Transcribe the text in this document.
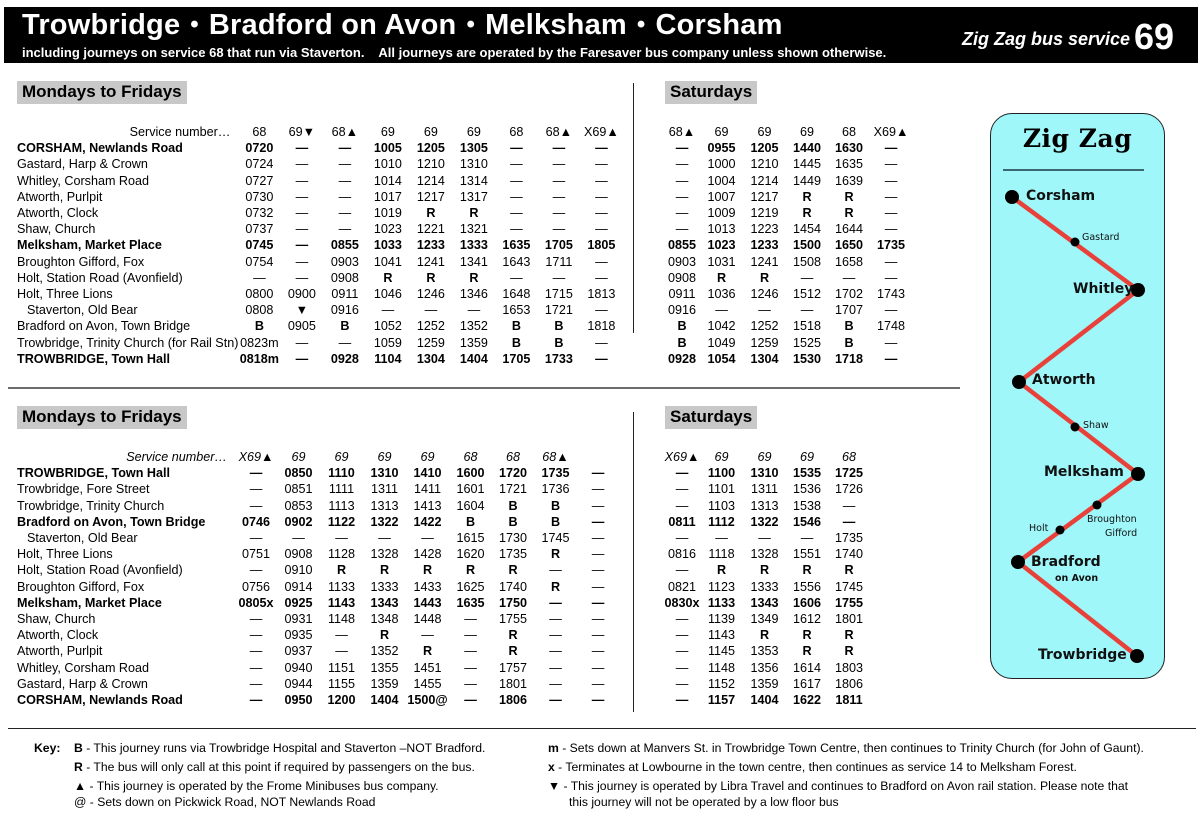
Trowbridge • Bradford on Avon • Melksham • Corsham
including journeys on service 68 that run via Staverton.    All journeys are operated by the Faresaver bus company unless shown otherwise.
Zig Zag bus service 69
Mondays to Fridays	Saturdays
Service number…	68	69▼	68▲	69	69	69	68	68▲	X69▲
CORSHAM, Newlands Road	0720	—	—	1005	1205	1305	—	—	—
Gastard, Harp & Crown	0724	—	—	1010	1210	1310	—	—	—
Whitley, Corsham Road	0727	—	—	1014	1214	1314	—	—	—
Atworth, Purlpit	0730	—	—	1017	1217	1317	—	—	—
Atworth, Clock	0732	—	—	1019	R	R	—	—	—
Shaw, Church	0737	—	—	1023	1221	1321	—	—	—
Melksham, Market Place	0745	—	0855	1033	1233	1333	1635	1705	1805
Broughton Gifford, Fox	0754	—	0903	1041	1241	1341	1643	1711	—
Holt, Station Road (Avonfield)	—	—	0908	R	R	R	—	—	—
Holt, Three Lions	0800	0900	0911	1046	1246	1346	1648	1715	1813
Staverton, Old Bear	0808	▼	0916	—	—	—	1653	1721	—
Bradford on Avon, Town Bridge	B	0905	B	1052	1252	1352	B	B	1818
Trowbridge, Trinity Church (for Rail Stn)	0823m	—	—	1059	1259	1359	B	B	—
TROWBRIDGE, Town Hall	0818m	—	0928	1104	1304	1404	1705	1733	—
68▲	69	69	69	68	X69▲
—	0955	1205	1440	1630	—
—	1000	1210	1445	1635	—
—	1004	1214	1449	1639	—
—	1007	1217	R	R	—
—	1009	1219	R	R	—
—	1013	1223	1454	1644	—
0855	1023	1233	1500	1650	1735
0903	1031	1241	1508	1658	—
0908	R	R	—	—	—
0911	1036	1246	1512	1702	1743
0916	—	—	—	1707	—
B	1042	1252	1518	B	1748
B	1049	1259	1525	B	—
0928	1054	1304	1530	1718	—
Mondays to Fridays	Saturdays
Service number…	X69▲	69	69	69	69	68	68	68▲	
TROWBRIDGE, Town Hall	—	0850	1110	1310	1410	1600	1720	1735	—
Trowbridge, Fore Street	—	0851	1111	1311	1411	1601	1721	1736	—
Trowbridge, Trinity Church	—	0853	1113	1313	1413	1604	B	B	—
Bradford on Avon, Town Bridge	0746	0902	1122	1322	1422	B	B	B	—
Staverton, Old Bear	—	—	—	—	—	1615	1730	1745	—
Holt, Three Lions	0751	0908	1128	1328	1428	1620	1735	R	—
Holt, Station Road (Avonfield)	—	0910	R	R	R	R	R	—	—
Broughton Gifford, Fox	0756	0914	1133	1333	1433	1625	1740	R	—
Melksham, Market Place	0805x	0925	1143	1343	1443	1635	1750	—	—
Shaw, Church	—	0931	1148	1348	1448	—	1755	—	—
Atworth, Clock	—	0935	—	R	—	—	R	—	—
Atworth, Purlpit	—	0937	—	1352	R	—	R	—	—
Whitley, Corsham Road	—	0940	1151	1355	1451	—	1757	—	—
Gastard, Harp & Crown	—	0944	1155	1359	1455	—	1801	—	—
CORSHAM, Newlands Road	—	0950	1200	1404	1500@	—	1806	—	—
X69▲	69	69	69	68
—	1100	1310	1535	1725
—	1101	1311	1536	1726
—	1103	1313	1538	—
0811	1112	1322	1546	—
—	—	—	—	1735
0816	1118	1328	1551	1740
—	R	R	R	R
0821	1123	1333	1556	1745
0830x	1133	1343	1606	1755
—	1139	1349	1612	1801
—	1143	R	R	R
—	1145	1353	R	R
—	1148	1356	1614	1803
—	1152	1359	1617	1806
—	1157	1404	1622	1811
Zig Zag
Corsham
Gastard
Whitley
Atworth
Shaw
Melksham
Broughton
Gifford
Holt
Bradford
on Avon
Trowbridge
Key: B - This journey runs via Trowbridge Hospital and Staverton –NOT Bradford.
R - The bus will only call at this point if required by passengers on the bus.
▲ - This journey is operated by the Frome Minibuses bus company.
@ - Sets down on Pickwick Road, NOT Newlands Road
m - Sets down at Manvers St. in Trowbridge Town Centre, then continues to Trinity Church (for John of Gaunt).
x - Terminates at Lowbourne in the town centre, then continues as service 14 to Melksham Forest.
▼ - This journey is operated by Libra Travel and continues to Bradford on Avon rail station. Please note that
this journey will not be operated by a low floor bus
